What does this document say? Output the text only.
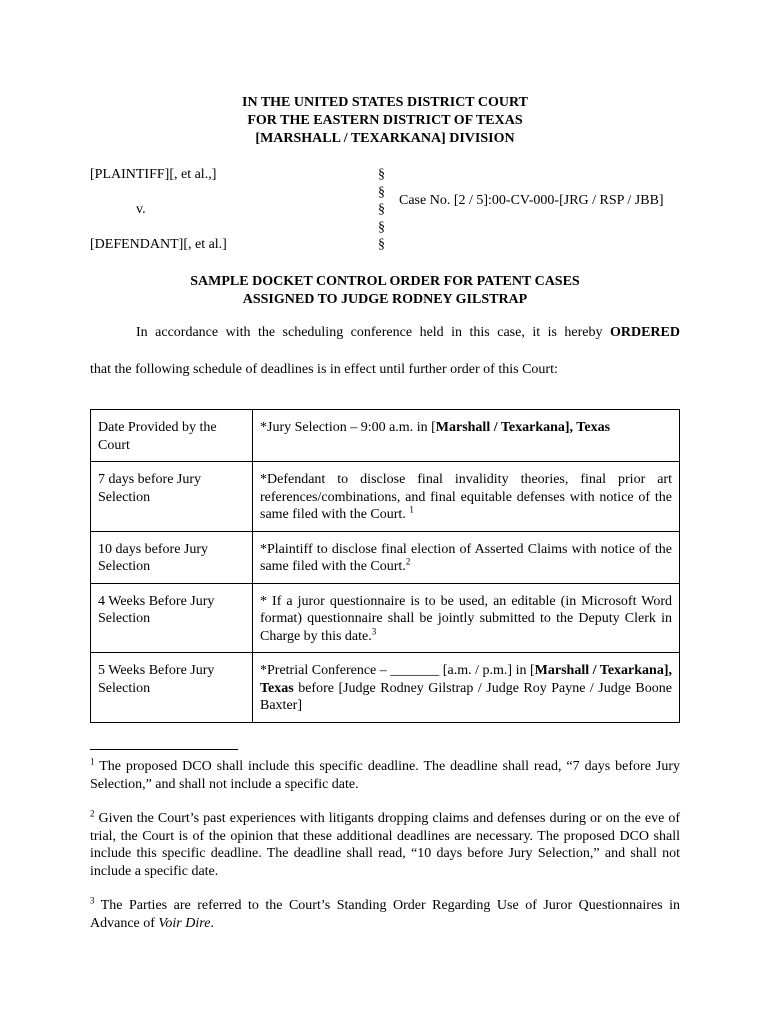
IN THE UNITED STATES DISTRICT COURT
FOR THE EASTERN DISTRICT OF TEXAS
[MARSHALL / TEXARKANA] DIVISION
[PLAINTIFF][, et al.,]
v.
[DEFENDANT][, et al.]
§
§
§
§
§
Case No. [2 / 5]:00-CV-000-[JRG / RSP / JBB]
SAMPLE DOCKET CONTROL ORDER FOR PATENT CASES
ASSIGNED TO JUDGE RODNEY GILSTRAP
In accordance with the scheduling conference held in this case, it is hereby ORDERED
that the following schedule of deadlines is in effect until further order of this Court:
Date Provided by the Court	*Jury Selection – 9:00 a.m. in [Marshall / Texarkana], Texas
7 days before Jury Selection	*Defendant to disclose final invalidity theories, final prior art references/combinations, and final equitable defenses with notice of the same filed with the Court. $^1$
10 days before Jury Selection	*Plaintiff to disclose final election of Asserted Claims with notice of the same filed with the Court.$^2$
4 Weeks Before Jury Selection	* If a juror questionnaire is to be used, an editable (in Microsoft Word format) questionnaire shall be jointly submitted to the Deputy Clerk in Charge by this date.$^3$
5 Weeks Before Jury Selection	*Pretrial Conference – _______ [a.m. / p.m.] in [Marshall / Texarkana], Texas before [Judge Rodney Gilstrap / Judge Roy Payne / Judge Boone Baxter]
$^1$ The proposed DCO shall include this specific deadline. The deadline shall read, “7 days before Jury Selection,” and shall not include a specific date.
$^2$ Given the Court’s past experiences with litigants dropping claims and defenses during or on the eve of trial, the Court is of the opinion that these additional deadlines are necessary. The proposed DCO shall include this specific deadline. The deadline shall read, “10 days before Jury Selection,” and shall not include a specific date.
$^3$ The Parties are referred to the Court’s Standing Order Regarding Use of Juror Questionnaires in Advance of Voir Dire.
